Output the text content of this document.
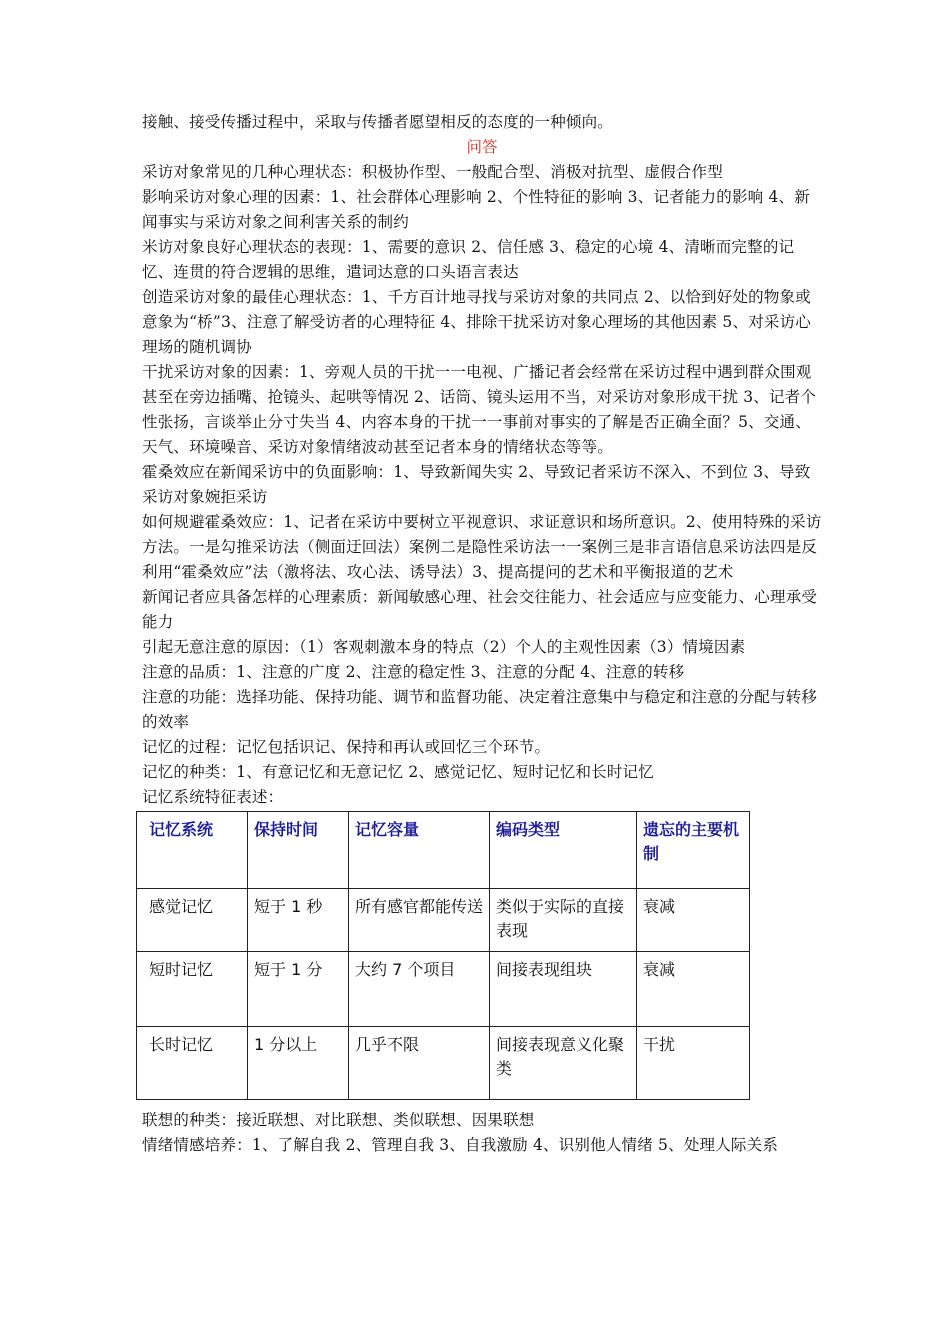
接触、接受传播过程中，采取与传播者愿望相反的态度的一种倾向。

问答

采访对象常见的几种心理状态：积极协作型、一般配合型、消极对抗型、虚假合作型

影响采访对象心理的因素：1、社会群体心理影响 2、个性特征的影响 3、记者能力的影响 4、新闻事实与采访对象之间利害关系的制约

米访对象良好心理状态的表现：1、需要的意识 2、信任感 3、稳定的心境 4、清晰而完整的记忆、连贯的符合逻辑的思维，遣词达意的口头语言表达

创造采访对象的最佳心理状态：1、千方百计地寻找与采访对象的共同点 2、以恰到好处的物象或意象为“桥”3、注意了解受访者的心理特征 4、排除干扰采访对象心理场的其他因素 5、对采访心理场的随机调协

干扰采访对象的因素：1、旁观人员的干扰一一电视、广播记者会经常在采访过程中遇到群众围观甚至在旁边插嘴、抢镜头、起哄等情况 2、话筒、镜头运用不当，对采访对象形成干扰 3、记者个性张扬，言谈举止分寸失当 4、内容本身的干扰一一事前对事实的了解是否正确全面？5、交通、天气、环境噪音、采访对象情绪波动甚至记者本身的情绪状态等等。

霍桑效应在新闻采访中的负面影响：1、导致新闻失实 2、导致记者采访不深入、不到位 3、导致采访对象婉拒采访

如何规避霍桑效应：1、记者在采访中要树立平视意识、求证意识和场所意识。2、使用特殊的采访方法。一是勾推采访法（侧面迂回法）案例二是隐性采访法一一案例三是非言语信息采访法四是反利用“霍桑效应”法（激将法、攻心法、诱导法）3、提高提问的艺术和平衡报道的艺术

新闻记者应具备怎样的心理素质：新闻敏感心理、社会交往能力、社会适应与应变能力、心理承受能力

引起无意注意的原因：（1）客观刺激本身的特点（2）个人的主观性因素（3）情境因素

注意的品质：1、注意的广度 2、注意的稳定性 3、注意的分配 4、注意的转移

注意的功能：选择功能、保持功能、调节和监督功能、决定着注意集中与稳定和注意的分配与转移的效率

记忆的过程：记忆包括识记、保持和再认或回忆三个环节。

记忆的种类：1、有意记忆和无意记忆 2、感觉记忆、短时记忆和长时记忆

记忆系统特征表述：

记忆系统	保持时间	记忆容量	编码类型	遗忘的主要机制
感觉记忆	短于 1 秒	所有感官都能传送	类似于实际的直接表现	衰减
短时记忆	短于 1 分	大约 7 个项目	间接表现组块	衰减
长时记忆	1 分以上	几乎不限	间接表现意义化聚类	干扰

联想的种类：接近联想、对比联想、类似联想、因果联想

情绪情感培养：1、了解自我 2、管理自我 3、自我激励 4、识别他人情绪 5、处理人际关系
